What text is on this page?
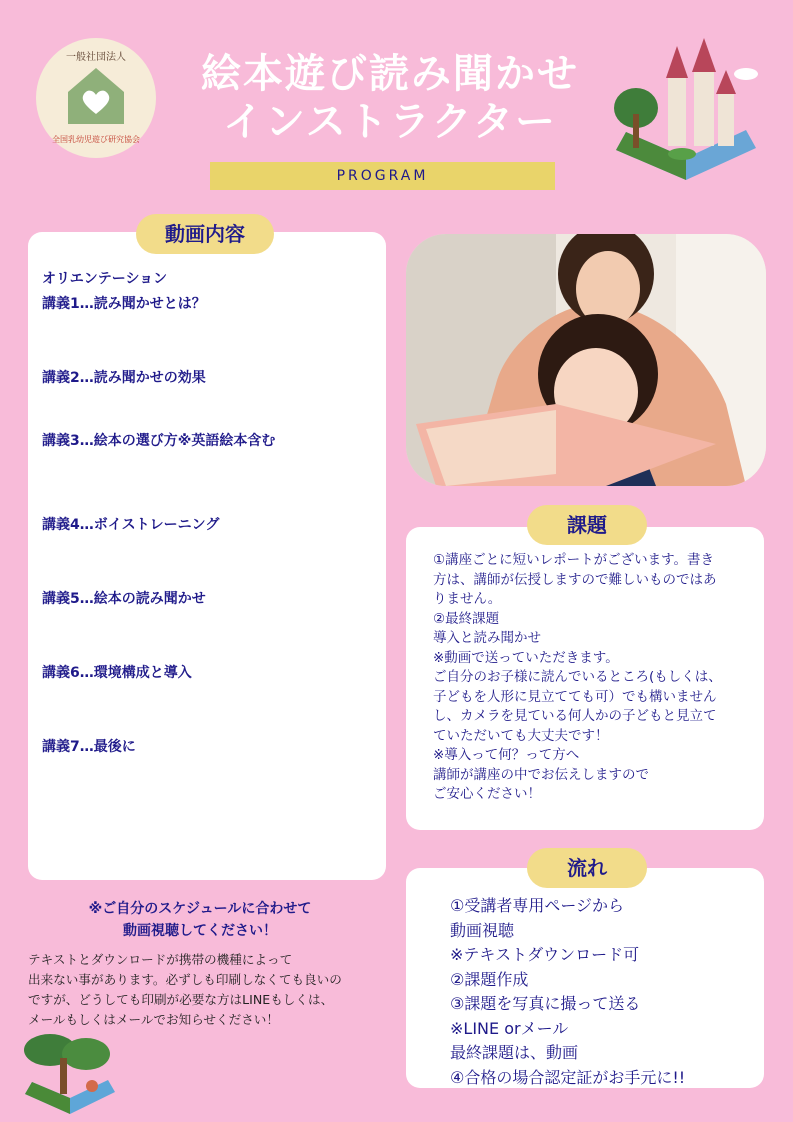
一般社団法人
全国乳幼児遊び研究協会
絵本遊び読み聞かせ
インストラクター
PROGRAM
動画内容
オリエンテーション
講義1…読み聞かせとは？
講義2…読み聞かせの効果
講義3…絵本の選び方※英語絵本含む
講義4…ボイストレーニング
講義5…絵本の読み聞かせ
講義6…環境構成と導入
講義7…最後に
課題
①講座ごとに短いレポートがございます。書き
方は、講師が伝授しますので難しいものではあ
りません。
②最終課題
導入と読み聞かせ
※動画で送っていただきます。
ご自分のお子様に読んでいるところ(もしくは、
子どもを人形に見立てても可）でも構いません
し、カメラを見ている何人かの子どもと見立て
ていただいても大丈夫です！
※導入って何？って方へ
講師が講座の中でお伝えしますので
ご安心ください！
流れ
①受講者専用ページから
動画視聴
※テキストダウンロード可
②課題作成
③課題を写真に撮って送る
※LINE orメール
最終課題は、動画
④合格の場合認定証がお手元に!!
※ご自分のスケジュールに合わせて
動画視聴してください！
テキストとダウンロードが携帯の機種によって
出来ない事があります。必ずしも印刷しなくても良いの
ですが、どうしても印刷が必要な方はLINEもしくは、
メールもしくはメールでお知らせください！
